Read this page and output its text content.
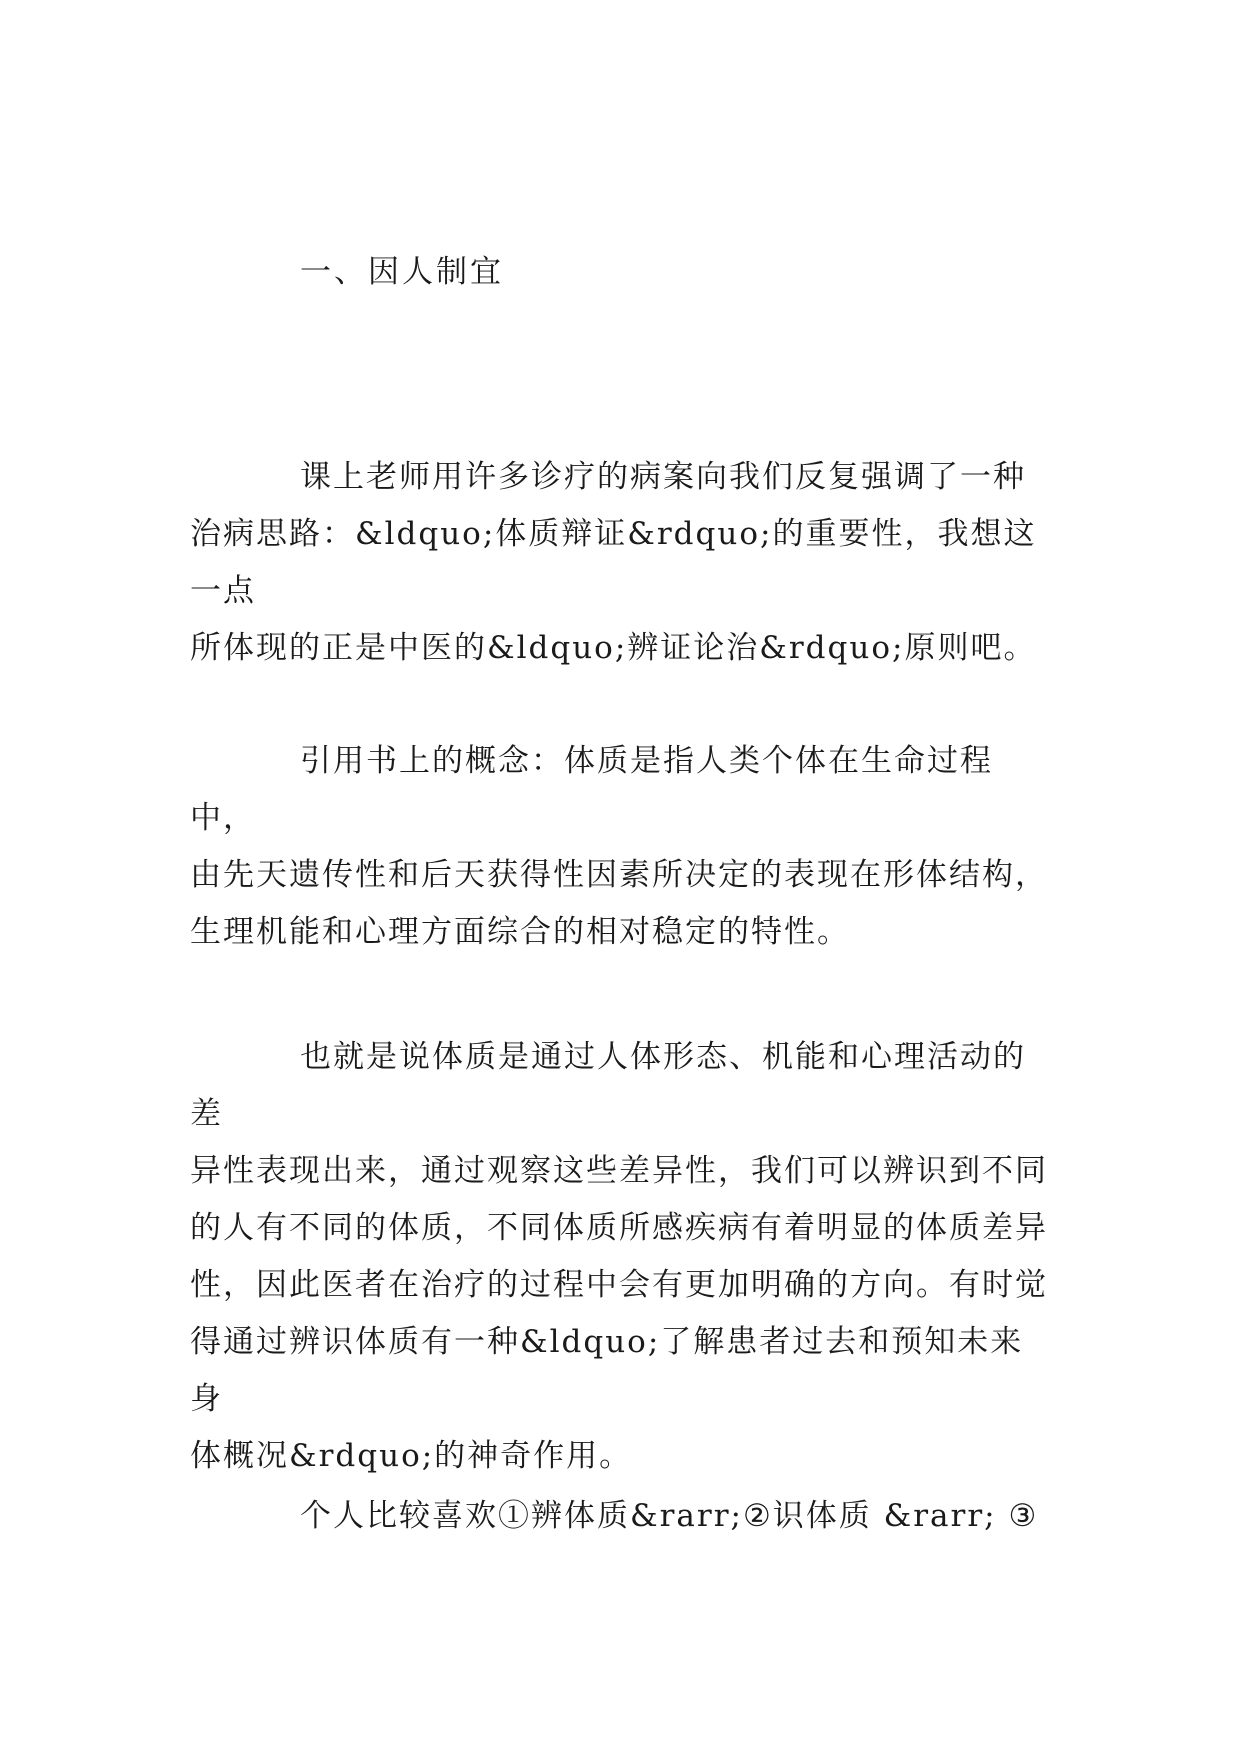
一、因人制宜

课上老师用许多诊疗的病案向我们反复强调了一种
治病思路：&ldquo;体质辩证&rdquo;的重要性，我想这一点
所体现的正是中医的&ldquo;辨证论治&rdquo;原则吧。

引用书上的概念：体质是指人类个体在生命过程中，
由先天遗传性和后天获得性因素所决定的表现在形体结构，
生理机能和心理方面综合的相对稳定的特性。

也就是说体质是通过人体形态、机能和心理活动的差
异性表现出来，通过观察这些差异性，我们可以辨识到不同
的人有不同的体质，不同体质所感疾病有着明显的体质差异
性，因此医者在治疗的过程中会有更加明确的方向。有时觉
得通过辨识体质有一种&ldquo;了解患者过去和预知未来身
体概况&rdquo;的神奇作用。

个人比较喜欢①辨体质&rarr;②识体质 &rarr; ③
